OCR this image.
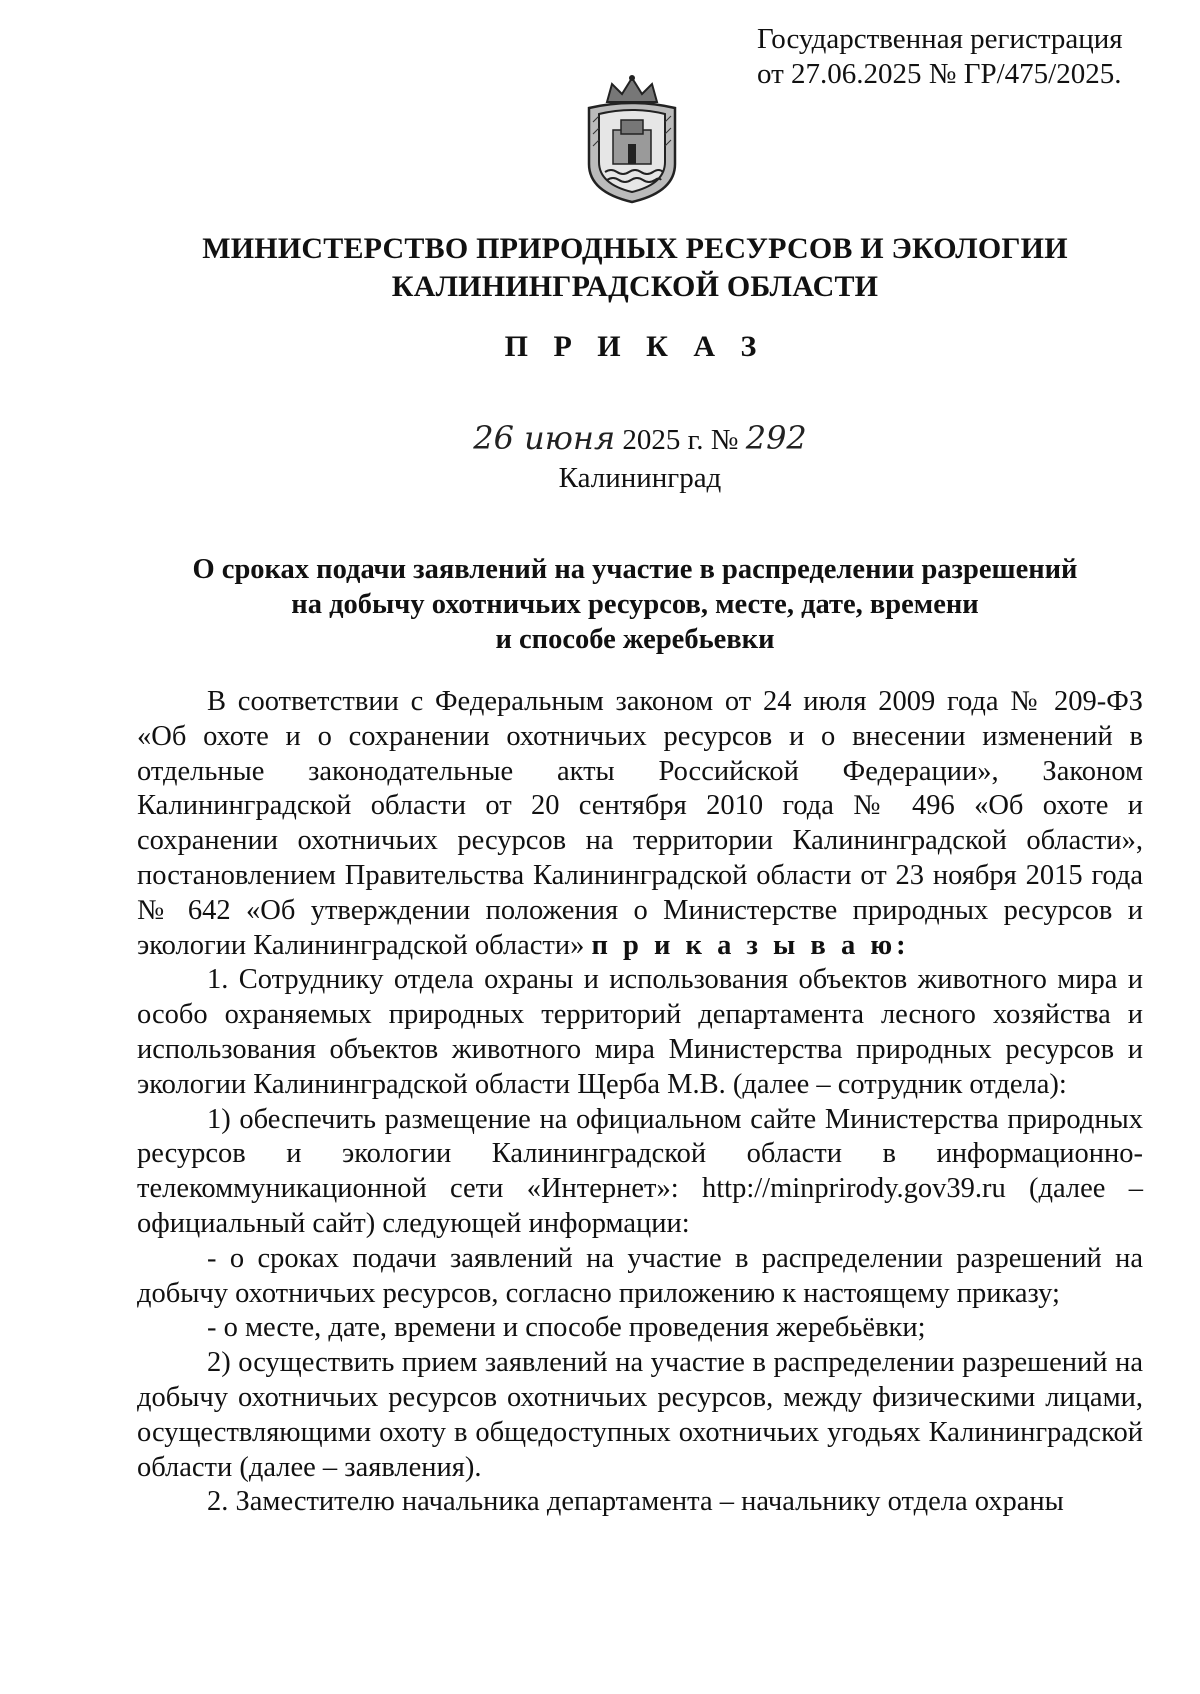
Государственная регистрация
от 27.06.2025 № ГР/475/2025.
МИНИСТЕРСТВО ПРИРОДНЫХ РЕСУРСОВ И ЭКОЛОГИИ
КАЛИНИНГРАДСКОЙ ОБЛАСТИ
П Р И К А З
26 июня 2025 г. № 292
Калининград
О сроках подачи заявлений на участие в распределении разрешений
на добычу охотничьих ресурсов, месте, дате, времени
и способе жеребьевки

В соответствии с Федеральным законом от 24 июля 2009 года № 209-ФЗ «Об охоте и о сохранении охотничьих ресурсов и о внесении изменений в отдельные законодательные акты Российской Федерации», Законом Калининградской области от 20 сентября 2010 года № 496 «Об охоте и сохранении охотничьих ресурсов на территории Калининградской области», постановлением Правительства Калининградской области от 23 ноября 2015 года № 642 «Об утверждении положения о Министерстве природных ресурсов и экологии Калининградской области» п р и к а з ы в а ю:

1. Сотруднику отдела охраны и использования объектов животного мира и особо охраняемых природных территорий департамента лесного хозяйства и использования объектов животного мира Министерства природных ресурсов и экологии Калининградской области Щерба М.В. (далее – сотрудник отдела):

1) обеспечить размещение на официальном сайте Министерства природных ресурсов и экологии Калининградской области в информационно-телекоммуникационной сети «Интернет»: http://minprirody.gov39.ru (далее – официальный сайт) следующей информации:

- о сроках подачи заявлений на участие в распределении разрешений на добычу охотничьих ресурсов, согласно приложению к настоящему приказу;

- о месте, дате, времени и способе проведения жеребьёвки;

2) осуществить прием заявлений на участие в распределении разрешений на добычу охотничьих ресурсов охотничьих ресурсов, между физическими лицами, осуществляющими охоту в общедоступных охотничьих угодьях Калининградской области (далее – заявления).

2. Заместителю начальника департамента – начальнику отдела охраны
